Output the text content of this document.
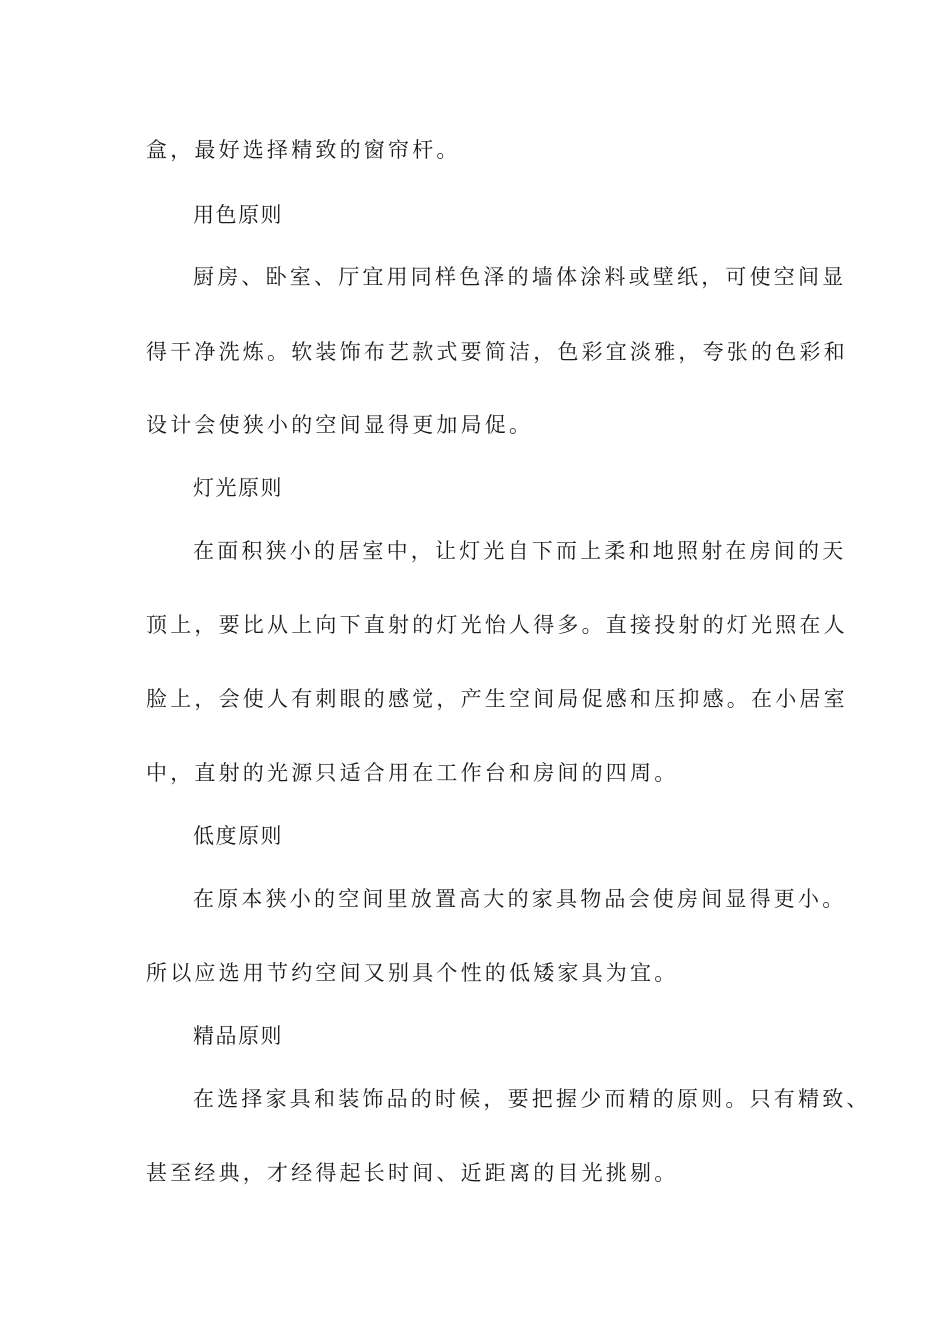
盒，最好选择精致的窗帘杆。

用色原则

厨房、卧室、厅宜用同样色泽的墙体涂料或壁纸，可使空间显

得干净洗炼。软装饰布艺款式要简洁，色彩宜淡雅，夸张的色彩和

设计会使狭小的空间显得更加局促。

灯光原则

在面积狭小的居室中，让灯光自下而上柔和地照射在房间的天

顶上，要比从上向下直射的灯光怡人得多。直接投射的灯光照在人

脸上，会使人有刺眼的感觉，产生空间局促感和压抑感。在小居室

中，直射的光源只适合用在工作台和房间的四周。

低度原则

在原本狭小的空间里放置高大的家具物品会使房间显得更小。

所以应选用节约空间又别具个性的低矮家具为宜。

精品原则

在选择家具和装饰品的时候，要把握少而精的原则。只有精致、

甚至经典，才经得起长时间、近距离的目光挑剔。
